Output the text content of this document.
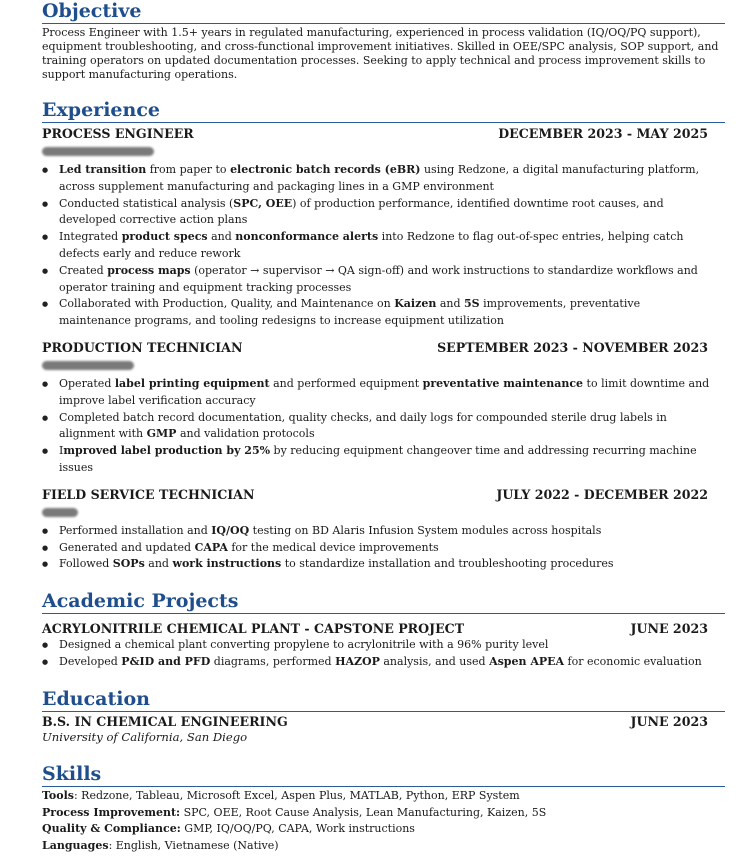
Objective
Process Engineer with 1.5+ years in regulated manufacturing, experienced in process validation (IQ/OQ/PQ support), equipment troubleshooting, and cross-functional improvement initiatives. Skilled in OEE/SPC analysis, SOP support, and training operators on updated documentation processes. Seeking to apply technical and process improvement skills to support manufacturing operations.
Experience
PROCESS ENGINEER	DECEMBER 2023 - MAY 2025
● Led transition from paper to electronic batch records (eBR) using Redzone, a digital manufacturing platform, across supplement manufacturing and packaging lines in a GMP environment
● Conducted statistical analysis (SPC, OEE) of production performance, identified downtime root causes, and developed corrective action plans
● Integrated product specs and nonconformance alerts into Redzone to flag out-of-spec entries, helping catch defects early and reduce rework
● Created process maps (operator → supervisor → QA sign-off) and work instructions to standardize workflows and operator training and equipment tracking processes
● Collaborated with Production, Quality, and Maintenance on Kaizen and 5S improvements, preventative maintenance programs, and tooling redesigns to increase equipment utilization
PRODUCTION TECHNICIAN	SEPTEMBER 2023 - NOVEMBER 2023
● Operated label printing equipment and performed equipment preventative maintenance to limit downtime and improve label verification accuracy
● Completed batch record documentation, quality checks, and daily logs for compounded sterile drug labels in alignment with GMP and validation protocols
● Improved label production by 25% by reducing equipment changeover time and addressing recurring machine issues
FIELD SERVICE TECHNICIAN	JULY 2022 - DECEMBER 2022
● Performed installation and IQ/OQ testing on BD Alaris Infusion System modules across hospitals
● Generated and updated CAPA for the medical device improvements
● Followed SOPs and work instructions to standardize installation and troubleshooting procedures
Academic Projects
ACRYLONITRILE CHEMICAL PLANT - CAPSTONE PROJECT	JUNE 2023
● Designed a chemical plant converting propylene to acrylonitrile with a 96% purity level
● Developed P&ID and PFD diagrams, performed HAZOP analysis, and used Aspen APEA for economic evaluation
Education
B.S. IN CHEMICAL ENGINEERING	JUNE 2023
University of California, San Diego
Skills
Tools: Redzone, Tableau, Microsoft Excel, Aspen Plus, MATLAB, Python, ERP System
Process Improvement: SPC, OEE, Root Cause Analysis, Lean Manufacturing, Kaizen, 5S
Quality & Compliance: GMP, IQ/OQ/PQ, CAPA, Work instructions
Languages: English, Vietnamese (Native)
